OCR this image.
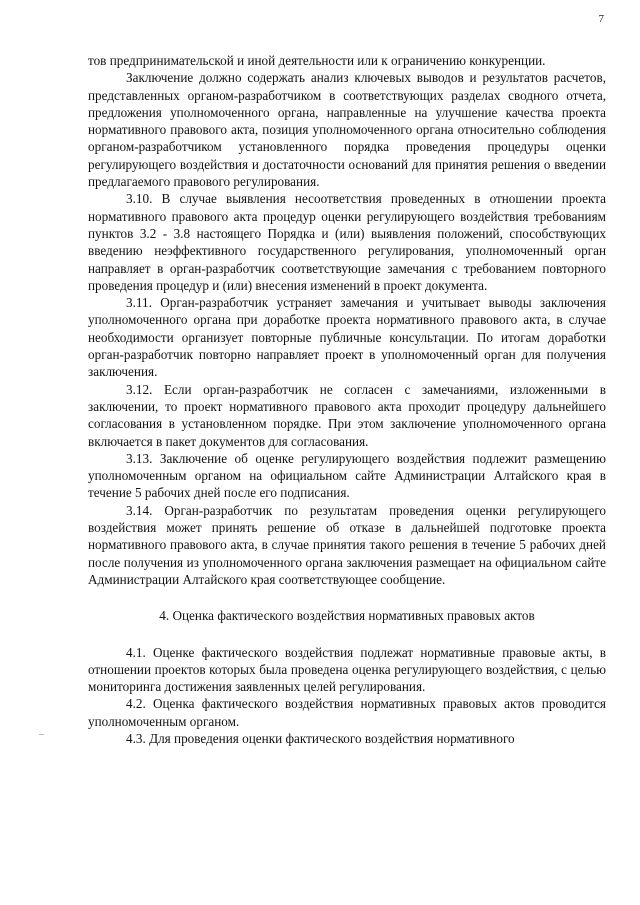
7

тов предпринимательской и иной деятельности или к ограничению конкуренции.

Заключение должно содержать анализ ключевых выводов и результатов расчетов, представленных органом-разработчиком в соответствующих разделах сводного отчета, предложения уполномоченного органа, направленные на улучшение качества проекта нормативного правового акта, позиция уполномоченного органа относительно соблюдения органом-разработчиком установленного порядка проведения процедуры оценки регулирующего воздействия и достаточности оснований для принятия решения о введении предлагаемого правового регулирования.

3.10. В случае выявления несоответствия проведенных в отношении проекта нормативного правового акта процедур оценки регулирующего воздействия требованиям пунктов 3.2 - 3.8 настоящего Порядка и (или) выявления положений, способствующих введению неэффективного государственного регулирования, уполномоченный орган направляет в орган-разработчик соответствующие замечания с требованием повторного проведения процедур и (или) внесения изменений в проект документа.

3.11. Орган-разработчик устраняет замечания и учитывает выводы заключения уполномоченного органа при доработке проекта нормативного правового акта, в случае необходимости организует повторные публичные консультации. По итогам доработки орган-разработчик повторно направляет проект в уполномоченный орган для получения заключения.

3.12. Если орган-разработчик не согласен с замечаниями, изложенными в заключении, то проект нормативного правового акта проходит процедуру дальнейшего согласования в установленном порядке. При этом заключение уполномоченного органа включается в пакет документов для согласования.

3.13. Заключение об оценке регулирующего воздействия подлежит размещению уполномоченным органом на официальном сайте Администрации Алтайского края в течение 5 рабочих дней после его подписания.

3.14. Орган-разработчик по результатам проведения оценки регулирующего воздействия может принять решение об отказе в дальнейшей подготовке проекта нормативного правового акта, в случае принятия такого решения в течение 5 рабочих дней после получения из уполномоченного органа заключения размещает на официальном сайте Администрации Алтайского края соответствующее сообщение.

4. Оценка фактического воздействия нормативных правовых актов

4.1. Оценке фактического воздействия подлежат нормативные правовые акты, в отношении проектов которых была проведена оценка регулирующего воздействия, с целью мониторинга достижения заявленных целей регулирования.

4.2. Оценка фактического воздействия нормативных правовых актов проводится уполномоченным органом.

4.3. Для проведения оценки фактического воздействия нормативного
